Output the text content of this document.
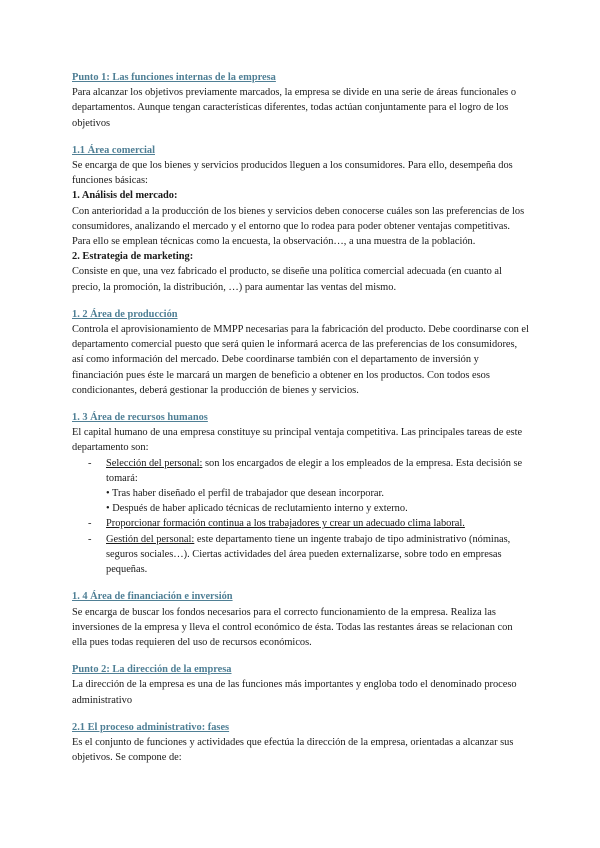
Punto 1: Las funciones internas de la empresa

Para alcanzar los objetivos previamente marcados, la empresa se divide en una serie de áreas funcionales o departamentos. Aunque tengan características diferentes, todas actúan conjuntamente para el logro de los objetivos

1.1 Área comercial

Se encarga de que los bienes y servicios producidos lleguen a los consumidores. Para ello, desempeña dos funciones básicas:

1. Análisis del mercado:

Con anterioridad a la producción de los bienes y servicios deben conocerse cuáles son las preferencias de los consumidores, analizando el mercado y el entorno que lo rodea para poder obtener ventajas competitivas. Para ello se emplean técnicas como la encuesta, la observación…, a una muestra de la población.

2. Estrategia de marketing:

Consiste en que, una vez fabricado el producto, se diseñe una política comercial adecuada (en cuanto al precio, la promoción, la distribución, …) para aumentar las ventas del mismo.

1. 2 Área de producción

Controla el aprovisionamiento de MMPP necesarias para la fabricación del producto. Debe coordinarse con el departamento comercial puesto que será quien le informará acerca de las preferencias de los consumidores, así como información del mercado. Debe coordinarse también con el departamento de inversión y financiación pues éste le marcará un margen de beneficio a obtener en los productos. Con todos esos condicionantes, deberá gestionar la producción de bienes y servicios.

1. 3 Área de recursos humanos

El capital humano de una empresa constituye su principal ventaja competitiva. Las principales tareas de este departamento son:

- Selección del personal: son los encargados de elegir a los empleados de la empresa. Esta decisión se tomará:

• Tras haber diseñado el perfil de trabajador que desean incorporar.

• Después de haber aplicado técnicas de reclutamiento interno y externo.

- Proporcionar formación continua a los trabajadores y crear un adecuado clima laboral.
- Gestión del personal: este departamento tiene un ingente trabajo de tipo administrativo (nóminas, seguros sociales…). Ciertas actividades del área pueden externalizarse, sobre todo en empresas pequeñas.

1. 4 Área de financiación e inversión

Se encarga de buscar los fondos necesarios para el correcto funcionamiento de la empresa. Realiza las inversiones de la empresa y lleva el control económico de ésta. Todas las restantes áreas se relacionan con ella pues todas requieren del uso de recursos económicos.

Punto 2: La dirección de la empresa

La dirección de la empresa es una de las funciones más importantes y engloba todo el denominado proceso administrativo

2.1 El proceso administrativo: fases

Es el conjunto de funciones y actividades que efectúa la dirección de la empresa, orientadas a alcanzar sus objetivos. Se compone de:
